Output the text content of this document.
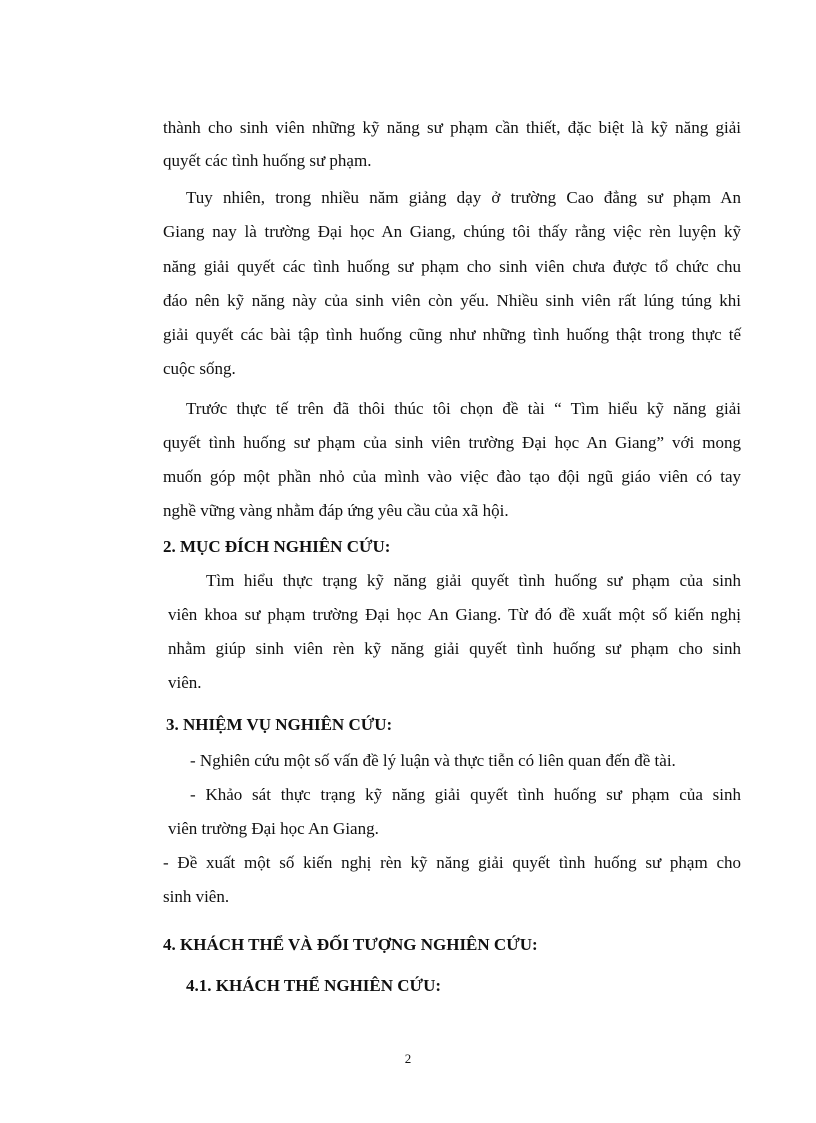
thành cho sinh viên những kỹ năng sư phạm cần thiết, đặc biệt là kỹ năng giải
quyết các tình huống sư phạm.
Tuy nhiên, trong nhiều năm giảng dạy ở trường Cao đẳng sư phạm An
Giang nay là trường Đại học An Giang, chúng tôi thấy rằng việc rèn luyện kỹ
năng giải quyết các tình huống sư phạm cho sinh viên chưa được tổ chức chu
đáo nên kỹ năng này của sinh viên còn yếu. Nhiều sinh viên rất lúng túng khi
giải quyết các bài tập tình huống cũng như những tình huống thật trong thực tế
cuộc sống.
Trước thực tế trên đã thôi thúc tôi chọn đề tài “ Tìm hiểu kỹ năng giải
quyết tình huống sư phạm của sinh viên trường Đại học An Giang” với mong
muốn góp một phần nhỏ của mình vào việc đào tạo đội ngũ giáo viên có tay
nghề vững vàng nhằm đáp ứng yêu cầu của xã hội.
2. MỤC ĐÍCH NGHIÊN CỨU:
Tìm hiểu thực trạng kỹ năng giải quyết tình huống sư phạm của sinh
viên khoa sư phạm trường Đại học An Giang. Từ đó đề xuất một số kiến nghị
nhằm giúp sinh viên rèn kỹ năng giải quyết tình huống sư phạm cho sinh
viên.
3. NHIỆM VỤ NGHIÊN CỨU:
- Nghiên cứu một số vấn đề lý luận và thực tiễn có liên quan đến đề tài.
- Khảo sát thực trạng kỹ năng giải quyết tình huống sư phạm của sinh
viên trường Đại học An Giang.
- Đề xuất một số kiến nghị rèn kỹ năng giải quyết tình huống sư phạm cho
sinh viên.
4. KHÁCH THỂ VÀ ĐỐI TƯỢNG NGHIÊN CỨU:
4.1. KHÁCH THỂ NGHIÊN CỨU:
2
